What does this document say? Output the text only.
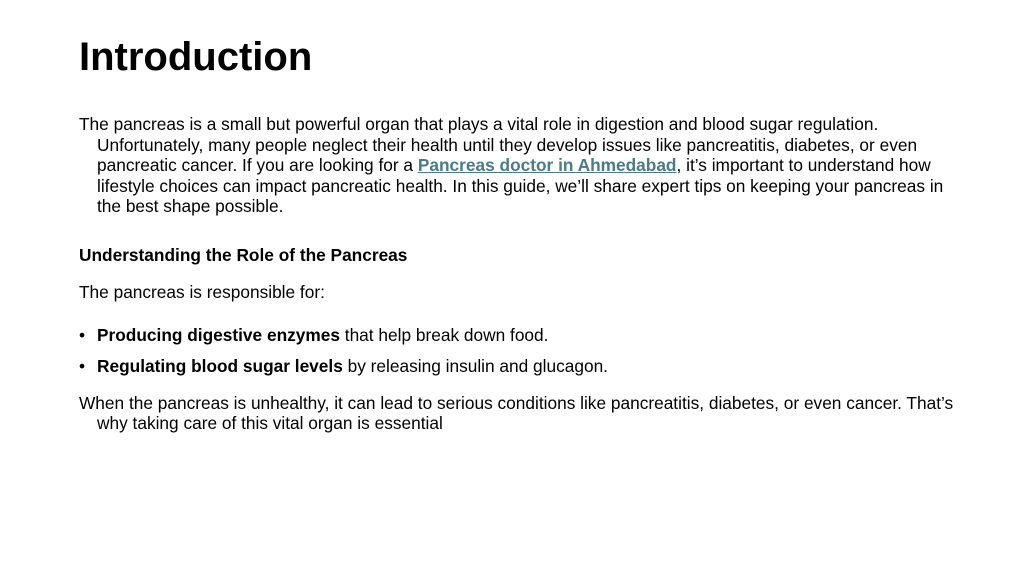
Introduction

The pancreas is a small but powerful organ that plays a vital role in digestion and blood sugar regulation. Unfortunately, many people neglect their health until they develop issues like pancreatitis, diabetes, or even pancreatic cancer. If you are looking for a Pancreas doctor in Ahmedabad, it’s important to understand how lifestyle choices can impact pancreatic health. In this guide, we’ll share expert tips on keeping your pancreas in the best shape possible.

Understanding the Role of the Pancreas

The pancreas is responsible for:

• Producing digestive enzymes that help break down food.
• Regulating blood sugar levels by releasing insulin and glucagon.

When the pancreas is unhealthy, it can lead to serious conditions like pancreatitis, diabetes, or even cancer. That’s why taking care of this vital organ is essential
